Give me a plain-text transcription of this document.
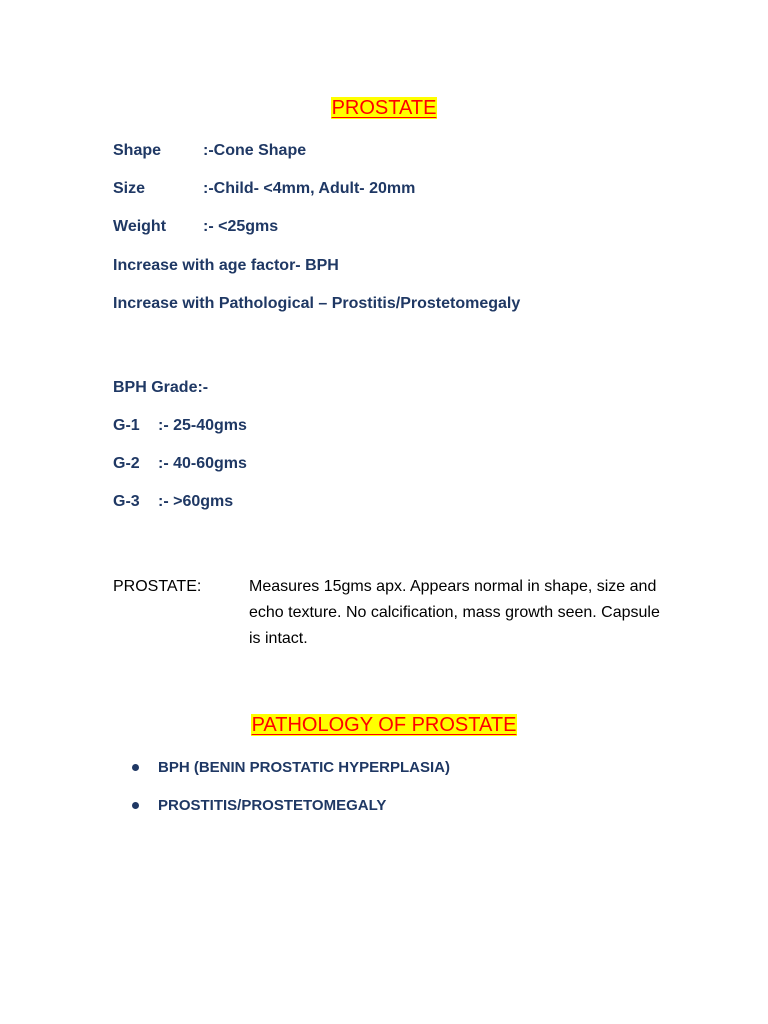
PROSTATE
Shape	:-Cone Shape
Size	:-Child- <4mm, Adult- 20mm
Weight :- <25gms
Increase with age factor- BPH
Increase with Pathological – Prostitis/Prostetomegaly
BPH Grade:-
G-1 :- 25-40gms
G-2 :- 40-60gms
G-3 :- >60gms
PROSTATE:	Measures 15gms apx. Appears normal in shape, size and echo texture. No calcification, mass growth seen. Capsule is intact.
PATHOLOGY OF PROSTATE
BPH (BENIN PROSTATIC HYPERPLASIA)
PROSTITIS/PROSTETOMEGALY
